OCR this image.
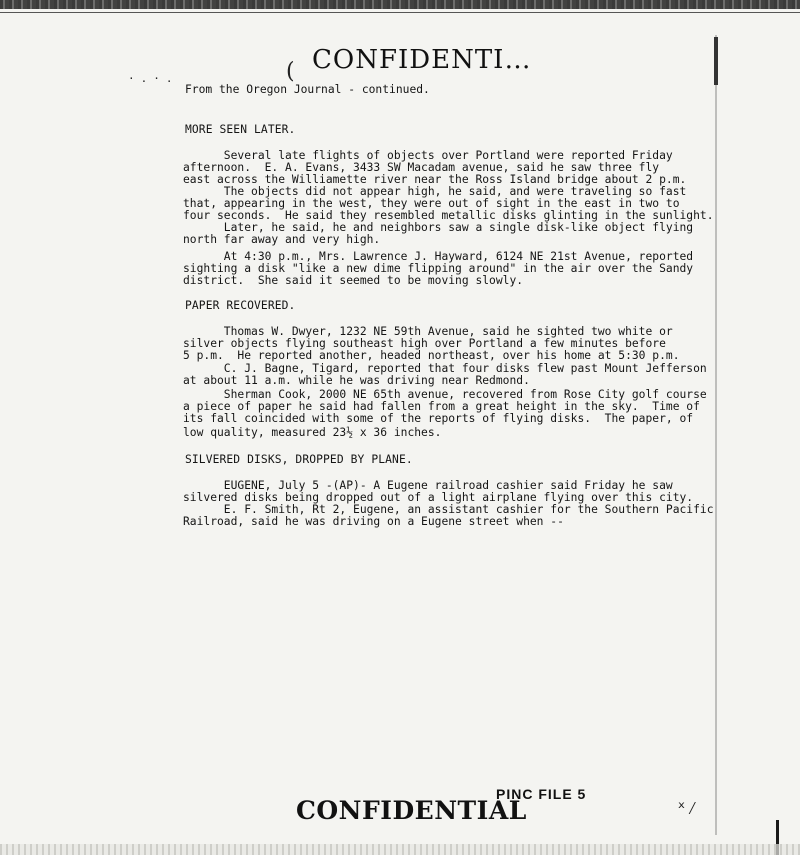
·.·.	( CONFIDENTI…

From the Oregon Journal - continued.

MORE SEEN LATER.

Several late flights of objects over Portland were reported Friday

afternoon.  E. A. Evans, 3433 SW Macadam avenue, said he saw three fly

east across the Williamette river near the Ross Island bridge about 2 p.m.

The objects did not appear high, he said, and were traveling so fast

that, appearing in the west, they were out of sight in the east in two to

four seconds.  He said they resembled metallic disks glinting in the sunlight.

Later, he said, he and neighbors saw a single disk-like object flying

north far away and very high.

At 4:30 p.m., Mrs. Lawrence J. Hayward, 6124 NE 21st Avenue, reported

sighting a disk "like a new dime flipping around" in the air over the Sandy

district.  She said it seemed to be moving slowly.

PAPER RECOVERED.

Thomas W. Dwyer, 1232 NE 59th Avenue, said he sighted two white or

silver objects flying southeast high over Portland a few minutes before

5 p.m.  He reported another, headed northeast, over his home at 5:30 p.m.

C. J. Bagne, Tigard, reported that four disks flew past Mount Jefferson

at about 11 a.m. while he was driving near Redmond.

Sherman Cook, 2000 NE 65th avenue, recovered from Rose City golf course

a piece of paper he said had fallen from a great height in the sky.  Time of

its fall coincided with some of the reports of flying disks.  The paper, of

low quality, measured 23½ x 36 inches.

SILVERED DISKS, DROPPED BY PLANE.

EUGENE, July 5 -(AP)- A Eugene railroad cashier said Friday he saw

silvered disks being dropped out of a light airplane flying over this city.

E. F. Smith, Rt 2, Eugene, an assistant cashier for the Southern Pacific

Railroad, said he was driving on a Eugene street when --

PINC FILE 5
CONFIDENTIAL	ˣ⁄
